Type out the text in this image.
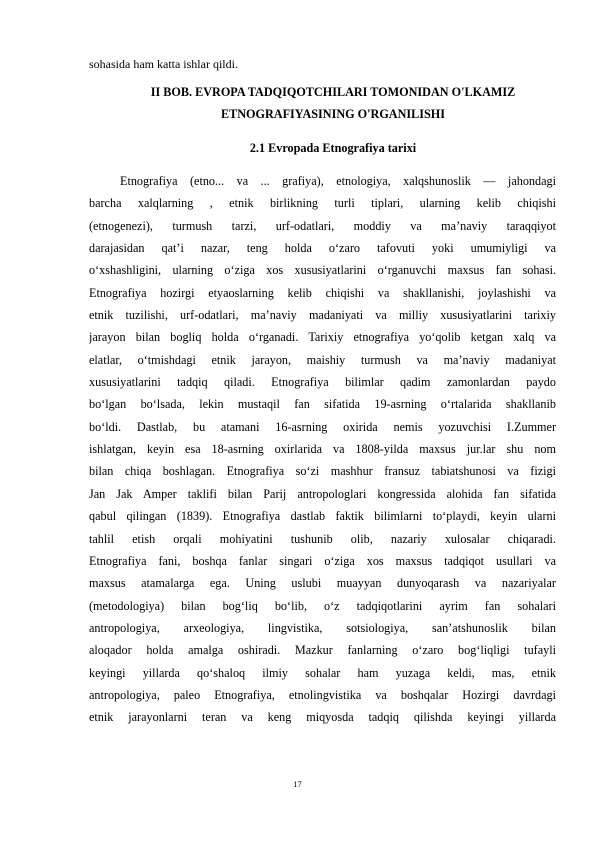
sohasida ham katta ishlar qildi.
II BOB. EVROPA TADQIQOTCHILARI TOMONIDAN O'LKAMIZ
ETNOGRAFIYASINING O'RGANILISHI
2.1 Evropada Etnografiya tarixi
Etnografiya (etno... va ... grafiya), etnologiya, xalqshunoslik — jahondagi
barcha xalqlarning , etnik birlikning turli tiplari, ularning kelib chiqishi
(etnogenezi), turmush tarzi, urf-odatlari, moddiy va maʼnaviy taraqqiyot
darajasidan qatʼi nazar, teng holda oʻzaro tafovuti yoki umumiyligi va
oʻxshashligini, ularning oʻziga xos xususiyatlarini oʻrganuvchi maxsus fan sohasi.
Etnografiya hozirgi etyaoslarning kelib chiqishi va shakllanishi, joylashishi va
etnik tuzilishi, urf-odatlari, maʼnaviy madaniyati va milliy xususiyatlarini tarixiy
jarayon bilan bogliq holda oʻrganadi. Tarixiy etnografiya yoʻqolib ketgan xalq va
elatlar, oʻtmishdagi etnik jarayon, maishiy turmush va maʼnaviy madaniyat
xususiyatlarini tadqiq qiladi. Etnografiya bilimlar qadim zamonlardan paydo
boʻlgan boʻlsada, lekin mustaqil fan sifatida 19-asrning oʻrtalarida shakllanib
boʻldi. Dastlab, bu atamani 16-asrning oxirida nemis yozuvchisi I.Zummer
ishlatgan, keyin esa 18-asrning oxirlarida va 1808-yilda maxsus jur.lar shu nom
bilan chiqa boshlagan. Etnografiya soʻzi mashhur fransuz tabiatshunosi va fizigi
Jan Jak Amper taklifi bilan Parij antropologlari kongressida alohida fan sifatida
qabul qilingan (1839). Etnografiya dastlab faktik bilimlarni toʻplaydi, keyin ularni
tahlil etish orqali mohiyatini tushunib olib, nazariy xulosalar chiqaradi.
Etnografiya fani, boshqa fanlar singari oʻziga xos maxsus tadqiqot usullari va
maxsus atamalarga ega. Uning uslubi muayyan dunyoqarash va nazariyalar
(metodologiya) bilan bogʻliq boʻlib, oʻz tadqiqotlarini ayrim fan sohalari
antropologiya, arxeologiya, lingvistika, sotsiologiya, sanʼatshunoslik bilan
aloqador holda amalga oshiradi. Mazkur fanlarning oʻzaro bogʻliqligi tufayli
keyingi yillarda qoʻshaloq ilmiy sohalar ham yuzaga keldi, mas, etnik
antropologiya, paleo Etnografiya, etnolingvistika va boshqalar Hozirgi davrdagi
etnik jarayonlarni teran va keng miqyosda tadqiq qilishda keyingi yillarda
17
